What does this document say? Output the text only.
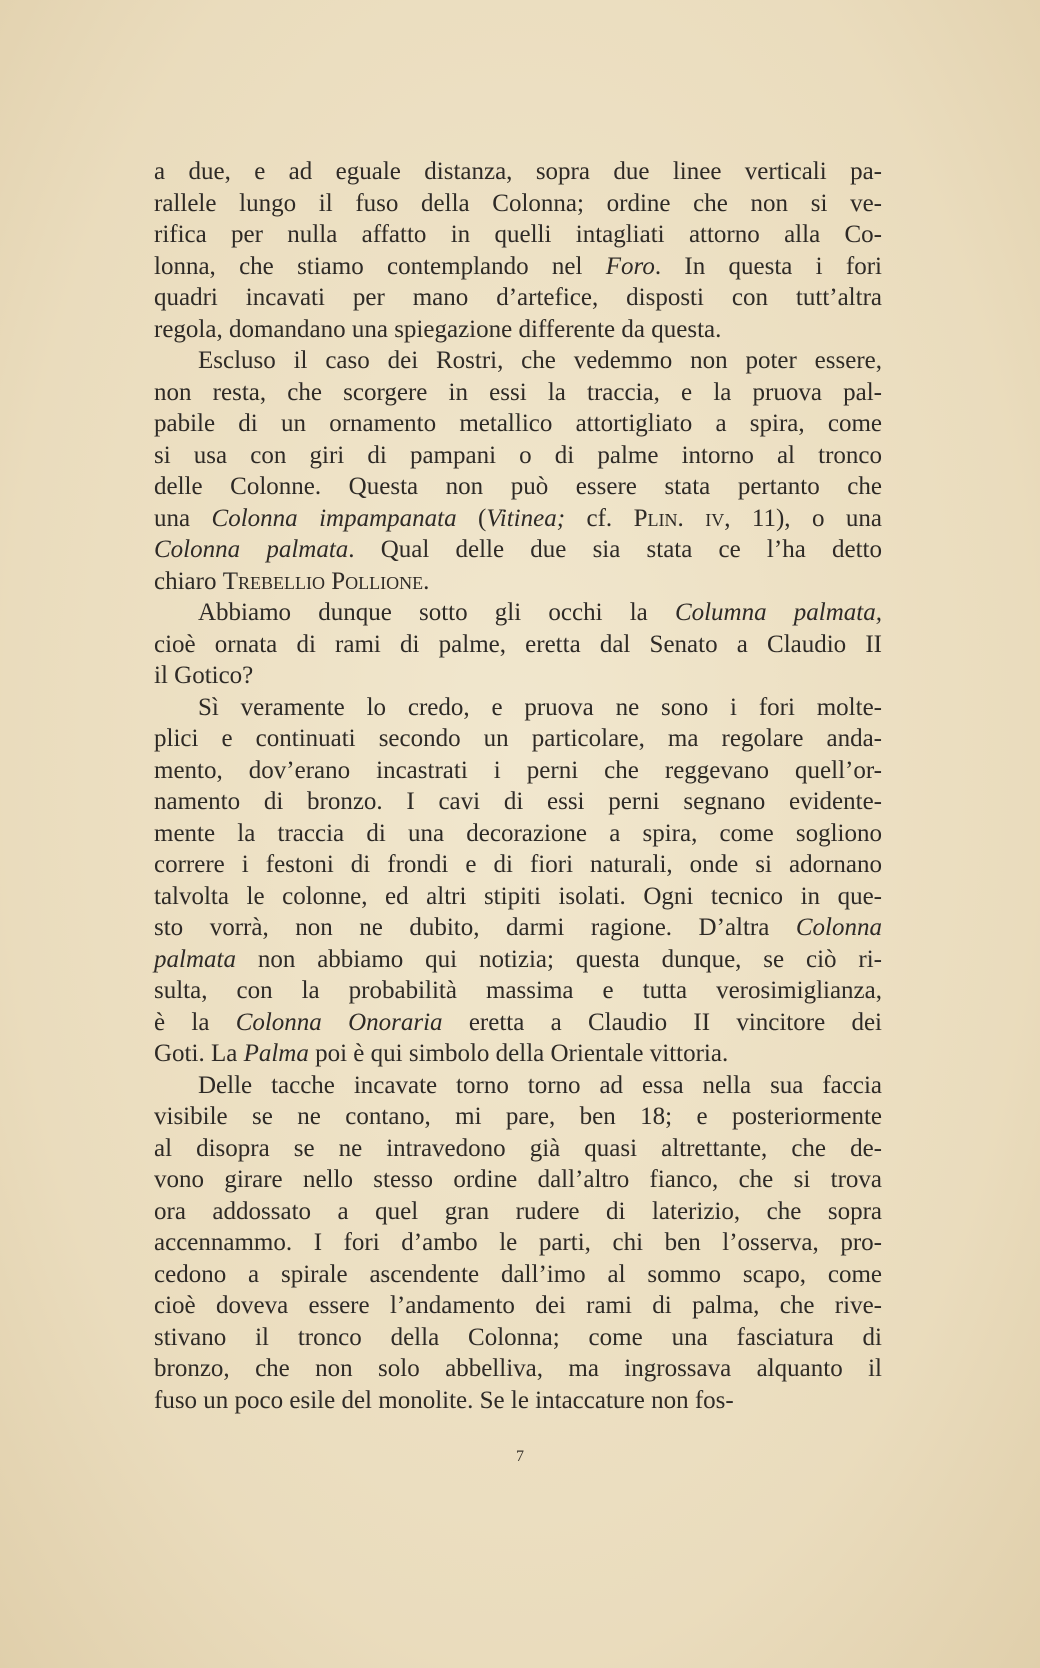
a due, e ad eguale distanza, sopra due linee verticali pa-
rallele lungo il fuso della Colonna; ordine che non si ve-
rifica per nulla affatto in quelli intagliati attorno alla Co-
lonna, che stiamo contemplando nel Foro. In questa i fori
quadri incavati per mano d’artefice, disposti con tutt’altra
regola, domandano una spiegazione differente da questa.
Escluso il caso dei Rostri, che vedemmo non poter essere,
non resta, che scorgere in essi la traccia, e la pruova pal-
pabile di un ornamento metallico attortigliato a spira, come
si usa con giri di pampani o di palme intorno al tronco
delle Colonne. Questa non può essere stata pertanto che
una Colonna impampanata (Vitinea; cf. Plin. iv, 11), o una
Colonna palmata. Qual delle due sia stata ce l’ha detto
chiaro Trebellio Pollione.
Abbiamo dunque sotto gli occhi la Columna palmata,
cioè ornata di rami di palme, eretta dal Senato a Claudio II
il Gotico?
Sì veramente lo credo, e pruova ne sono i fori molte-
plici e continuati secondo un particolare, ma regolare anda-
mento, dov’erano incastrati i perni che reggevano quell’or-
namento di bronzo. I cavi di essi perni segnano evidente-
mente la traccia di una decorazione a spira, come sogliono
correre i festoni di frondi e di fiori naturali, onde si adornano
talvolta le colonne, ed altri stipiti isolati. Ogni tecnico in que-
sto vorrà, non ne dubito, darmi ragione. D’altra Colonna
palmata non abbiamo qui notizia; questa dunque, se ciò ri-
sulta, con la probabilità massima e tutta verosimiglianza,
è la Colonna Onoraria eretta a Claudio II vincitore dei
Goti. La Palma poi è qui simbolo della Orientale vittoria.
Delle tacche incavate torno torno ad essa nella sua faccia
visibile se ne contano, mi pare, ben 18; e posteriormente
al disopra se ne intravedono già quasi altrettante, che de-
vono girare nello stesso ordine dall’altro fianco, che si trova
ora addossato a quel gran rudere di laterizio, che sopra
accennammo. I fori d’ambo le parti, chi ben l’osserva, pro-
cedono a spirale ascendente dall’imo al sommo scapo, come
cioè doveva essere l’andamento dei rami di palma, che rive-
stivano il tronco della Colonna; come una fasciatura di
bronzo, che non solo abbelliva, ma ingrossava alquanto il
fuso un poco esile del monolite. Se le intaccature non fos-
7
